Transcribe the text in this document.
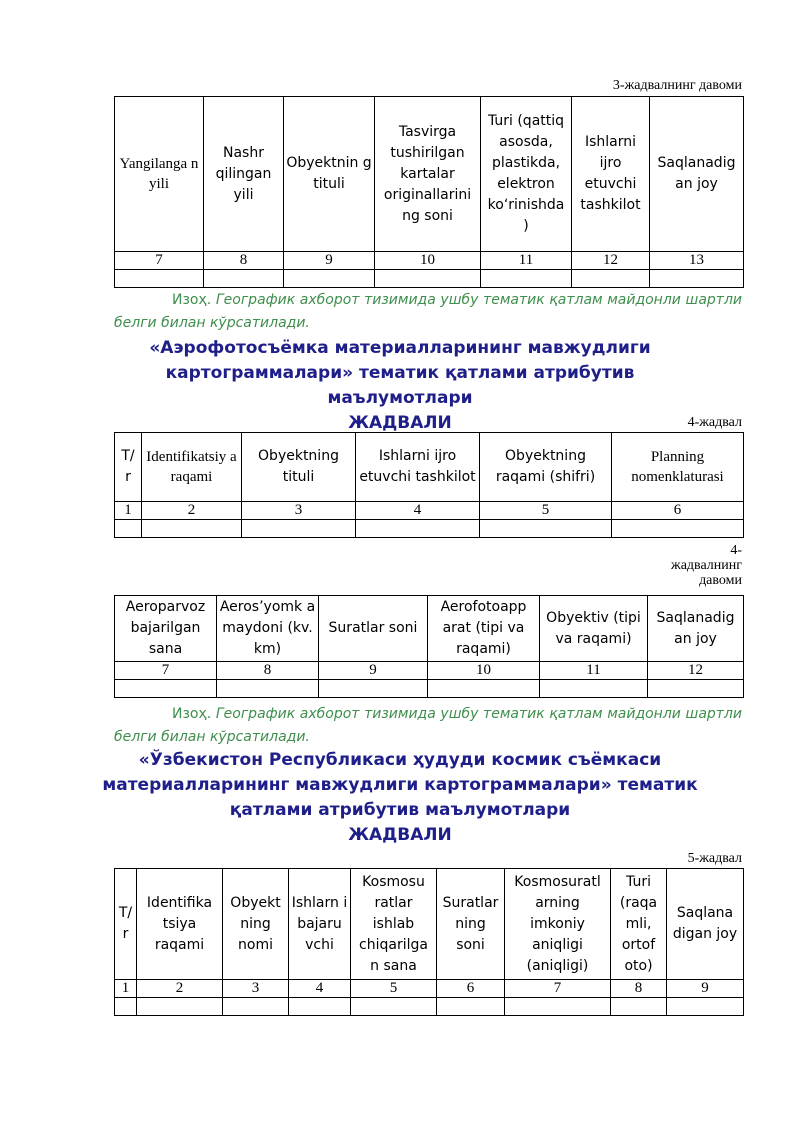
3-жадвалнинг давоми
Yangilanga n yili	Nashr qilingan yili	Obyektnin g tituli	Tasvirga tushirilgan kartalar originallarini ng soni	Turi (qattiq asosda, plastikda, elektron ko‘rinishda )	Ishlarni ijro etuvchi tashkilot	Saqlanadig an joy
7	8	9	10	11	12	13

Изоҳ. Географик ахборот тизимида ушбу тематик қатлам майдонли шартли белги билан кўрсатилади.
«Аэрофотосъёмка материалларининг мавжудлиги
картограммалари» тематик қатлами атрибутив маълумотлари
ЖАДВАЛИ	4-жадвал
T/ r	Identifikatsiy a raqami	Obyektning tituli	Ishlarni ijro etuvchi tashkilot	Obyektning raqami (shifri)	Planning nomenklaturasi
1	2	3	4	5	6

4-
жадвалнинг
давоми
Aeroparvoz bajarilgan sana	Aeros’yomk a maydoni (kv. km)	Suratlar soni	Aerofotoapp arat (tipi va raqami)	Obyektiv (tipi va raqami)	Saqlanadig an joy
7	8	9	10	11	12

Изоҳ. Географик ахборот тизимида ушбу тематик қатлам майдонли шартли белги билан кўрсатилади.
«Ўзбекистон Республикаси ҳудуди космик съёмкаси
материалларининг мавжудлиги картограммалари» тематик
қатлами атрибутив маълумотлари
ЖАДВАЛИ
5-жадвал
T/ r	Identifika tsiya raqami	Obyekt ning nomi	Ishlarn i bajaru vchi	Kosmosu ratlar ishlab chiqarilga n sana	Suratlar ning soni	Kosmosuratl arning imkoniy aniqligi (aniqligi)	Turi (raqa mli, ortof oto)	Saqlana digan joy
1	2	3	4	5	6	7	8	9
